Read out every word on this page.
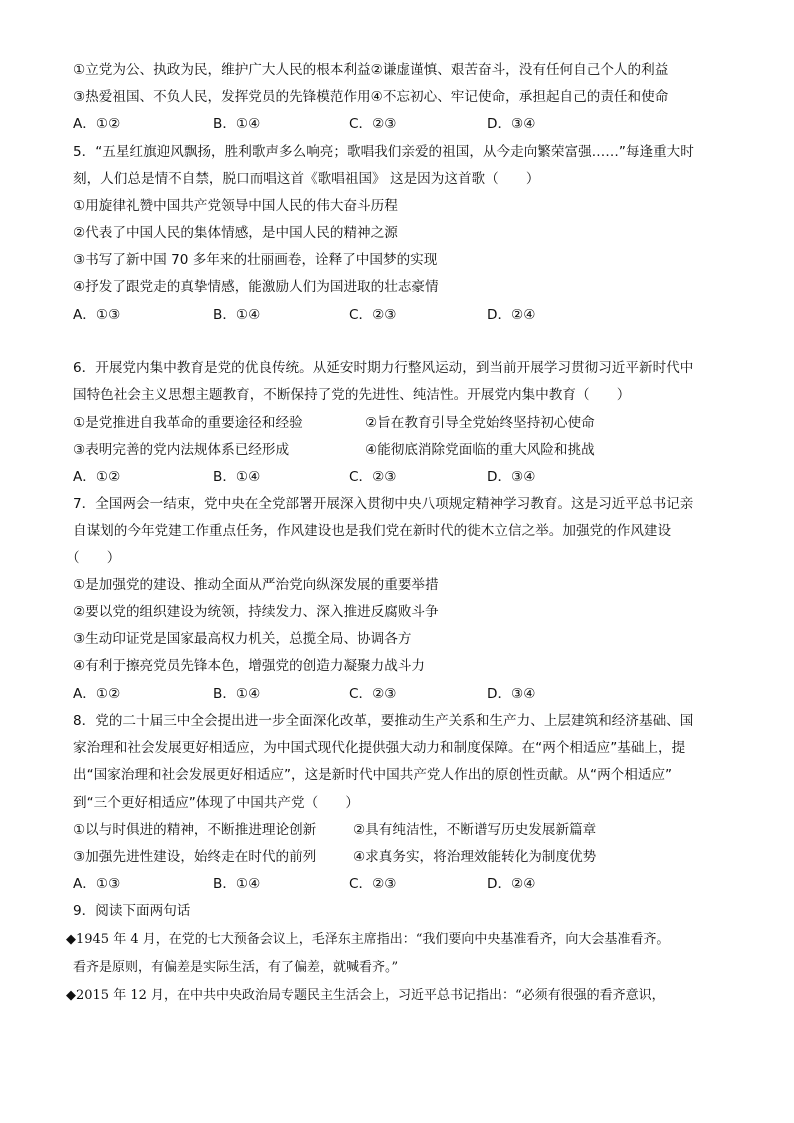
①立党为公、执政为民，维护广大人民的根本利益②谦虚谨慎、艰苦奋斗，没有任何自己个人的利益
③热爱祖国、不负人民，发挥党员的先锋模范作用④不忘初心、牢记使命，承担起自己的责任和使命
A．①②	B．①④	C．②③	D．③④
5．“五星红旗迎风飘扬，胜利歌声多么响亮；歌唱我们亲爱的祖国，从今走向繁荣富强……”每逢重大时
刻，人们总是情不自禁，脱口而唱这首《歌唱祖国》 这是因为这首歌（　　）
①用旋律礼赞中国共产党领导中国人民的伟大奋斗历程
②代表了中国人民的集体情感，是中国人民的精神之源
③书写了新中国 70 多年来的壮丽画卷，诠释了中国梦的实现
④抒发了跟党走的真挚情感，能激励人们为国进取的壮志豪情
A．①③	B．①④	C．②③	D．②④
6．开展党内集中教育是党的优良传统。从延安时期力行整风运动，到当前开展学习贯彻习近平新时代中
国特色社会主义思想主题教育，不断保持了党的先进性、纯洁性。开展党内集中教育（　　）
①是党推进自我革命的重要途径和经验	②旨在教育引导全党始终坚持初心使命
③表明完善的党内法规体系已经形成	④能彻底消除党面临的重大风险和挑战
A．①②	B．①④	C．②③	D．③④
7．全国两会一结束，党中央在全党部署开展深入贯彻中央八项规定精神学习教育。这是习近平总书记亲
自谋划的今年党建工作重点任务，作风建设也是我们党在新时代的徙木立信之举。加强党的作风建设
（　　）
①是加强党的建设、推动全面从严治党向纵深发展的重要举措
②要以党的组织建设为统领，持续发力、深入推进反腐败斗争
③生动印证党是国家最高权力机关，总揽全局、协调各方
④有利于擦亮党员先锋本色，增强党的创造力凝聚力战斗力
A．①②	B．①④	C．②③	D．③④
8．党的二十届三中全会提出进一步全面深化改革，要推动生产关系和生产力、上层建筑和经济基础、国
家治理和社会发展更好相适应，为中国式现代化提供强大动力和制度保障。在“两个相适应”基础上，提
出“国家治理和社会发展更好相适应”，这是新时代中国共产党人作出的原创性贡献。从“两个相适应”
到“三个更好相适应”体现了中国共产党（　　）
①以与时俱进的精神，不断推进理论创新	②具有纯洁性，不断谱写历史发展新篇章
③加强先进性建设，始终走在时代的前列	④求真务实，将治理效能转化为制度优势
A．①③	B．①④	C．②③	D．②④
9．阅读下面两句话
◆1945 年 4 月，在党的七大预备会议上，毛泽东主席指出：“我们要向中央基准看齐，向大会基准看齐。
看齐是原则，有偏差是实际生活，有了偏差，就喊看齐。”
◆2015 年 12 月，在中共中央政治局专题民主生活会上，习近平总书记指出：“必须有很强的看齐意识，
